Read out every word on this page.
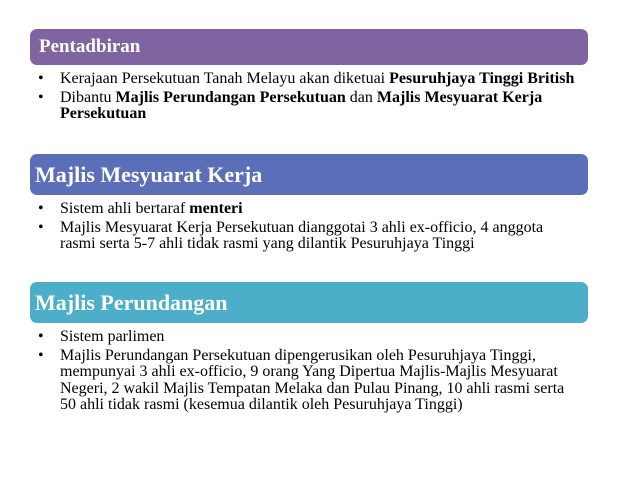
Pentadbiran
• Kerajaan Persekutuan Tanah Melayu akan diketuai Pesuruhjaya Tinggi British
• Dibantu Majlis Perundangan Persekutuan dan Majlis Mesyuarat Kerja Persekutuan
Majlis Mesyuarat Kerja
• Sistem ahli bertaraf menteri
• Majlis Mesyuarat Kerja Persekutuan dianggotai 3 ahli ex-officio, 4 anggota rasmi serta 5-7 ahli tidak rasmi yang dilantik Pesuruhjaya Tinggi
Majlis Perundangan
• Sistem parlimen
• Majlis Perundangan Persekutuan dipengerusikan oleh Pesuruhjaya Tinggi, mempunyai 3 ahli ex-officio, 9 orang Yang Dipertua Majlis-Majlis Mesyuarat Negeri, 2 wakil Majlis Tempatan Melaka dan Pulau Pinang, 10 ahli rasmi serta 50 ahli tidak rasmi (kesemua dilantik oleh Pesuruhjaya Tinggi)
